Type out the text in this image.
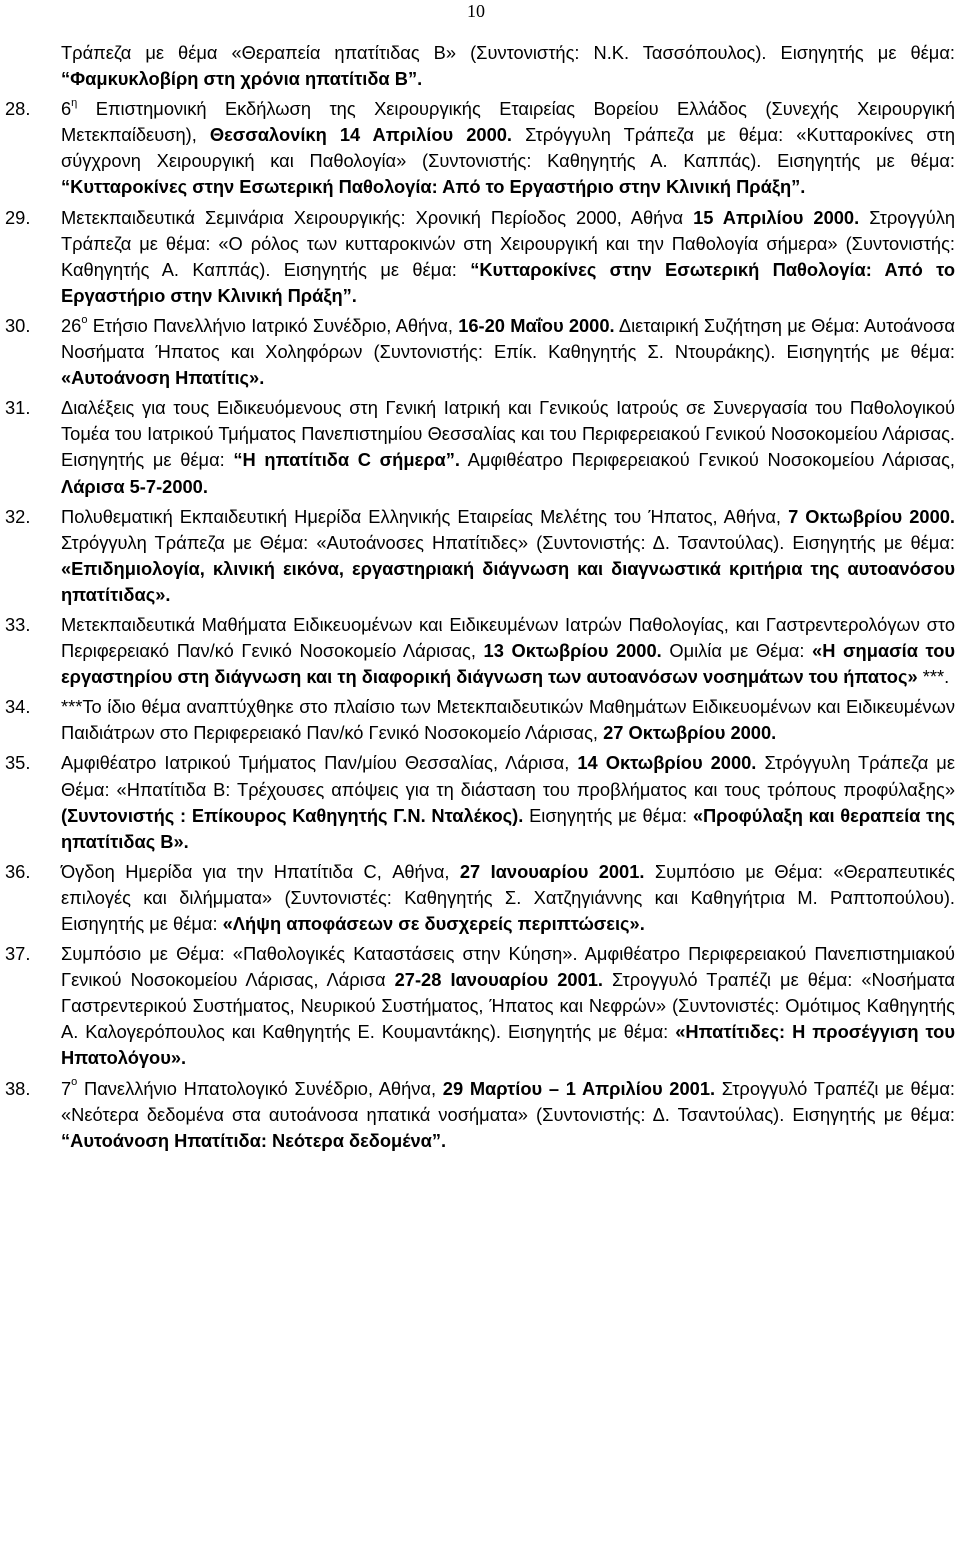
10

Τράπεζα με θέμα «Θεραπεία ηπατίτιδας Β» (Συντονιστής: Ν.Κ. Τασσόπουλος). Εισηγητής με θέμα: “Φαμκυκλοβίρη στη χρόνια ηπατίτιδα Β”.

28. $6^\eta$ Επιστημονική Εκδήλωση της Χειρουργικής Εταιρείας Βορείου Ελλάδος (Συνεχής Χειρουργική Μετεκπαίδευση), Θεσσαλονίκη 14 Απριλίου 2000. Στρόγγυλη Τράπεζα με θέμα: «Κυτταροκίνες στη σύγχρονη Χειρουργική και Παθολογία» (Συντονιστής: Καθηγητής Α. Καππάς). Εισηγητής με θέμα: “Κυτταροκίνες στην Εσωτερική Παθολογία: Από το Εργαστήριο στην Κλινική Πράξη”.

29. Μετεκπαιδευτικά Σεμινάρια Χειρουργικής: Χρονική Περίοδος 2000, Αθήνα 15 Απριλίου 2000. Στρογγύλη Τράπεζα με θέμα: «Ο ρόλος των κυτταροκινών στη Χειρουργική και την Παθολογία σήμερα» (Συντονιστής: Καθηγητής Α. Καππάς). Εισηγητής με θέμα: “Κυτταροκίνες στην Εσωτερική Παθολογία: Από το Εργαστήριο στην Κλινική Πράξη”.

30. $26^o$ Ετήσιο Πανελλήνιο Ιατρικό Συνέδριο, Αθήνα, 16-20 Μαΐου 2000. Διεταιρική Συζήτηση με Θέμα: Αυτοάνοσα Νοσήματα Ήπατος και Χοληφόρων (Συντονιστής: Επίκ. Καθηγητής Σ. Ντουράκης). Εισηγητής με θέμα: «Αυτοάνοση Ηπατίτις».

31. Διαλέξεις για τους Ειδικευόμενους στη Γενική Ιατρική και Γενικούς Ιατρούς σε Συνεργασία του Παθολογικού Τομέα του Ιατρικού Τμήματος Πανεπιστημίου Θεσσαλίας και του Περιφερειακού Γενικού Νοσοκομείου Λάρισας. Εισηγητής με θέμα: “Η ηπατίτιδα C σήμερα”. Αμφιθέατρο Περιφερειακού Γενικού Νοσοκομείου Λάρισας, Λάρισα 5-7-2000.

32. Πολυθεματική Εκπαιδευτική Ημερίδα Ελληνικής Εταιρείας Μελέτης του Ήπατος, Αθήνα, 7 Οκτωβρίου 2000. Στρόγγυλη Τράπεζα με Θέμα: «Αυτοάνοσες Ηπατίτιδες» (Συντονιστής: Δ. Τσαντούλας). Εισηγητής με θέμα: «Επιδημιολογία, κλινική εικόνα, εργαστηριακή διάγνωση και διαγνωστικά κριτήρια της αυτοανόσου ηπατίτιδας».

33. Μετεκπαιδευτικά Μαθήματα Ειδικευομένων και Ειδικευμένων Ιατρών Παθολογίας, και Γαστρεντερολόγων στο Περιφερειακό Παν/κό Γενικό Νοσοκομείο Λάρισας, 13 Οκτωβρίου 2000. Ομιλία με Θέμα: «Η σημασία του εργαστηρίου στη διάγνωση και τη διαφορική διάγνωση των αυτοανόσων νοσημάτων του ήπατος» ***.

34. ***Το ίδιο θέμα αναπτύχθηκε στο πλαίσιο των Μετεκπαιδευτικών Μαθημάτων Ειδικευομένων και Ειδικευμένων Παιδιάτρων στο Περιφερειακό Παν/κό Γενικό Νοσοκομείο Λάρισας, 27 Οκτωβρίου 2000.

35. Αμφιθέατρο Ιατρικού Τμήματος Παν/μίου Θεσσαλίας, Λάρισα, 14 Οκτωβρίου 2000. Στρόγγυλη Τράπεζα με Θέμα: «Ηπατίτιδα Β: Τρέχουσες απόψεις για τη διάσταση του προβλήματος και τους τρόπους προφύλαξης» (Συντονιστής : Επίκουρος Καθηγητής Γ.Ν. Νταλέκος). Εισηγητής με θέμα: «Προφύλαξη και θεραπεία της ηπατίτιδας Β».

36. Όγδοη Ημερίδα για την Ηπατίτιδα C, Αθήνα, 27 Ιανουαρίου 2001. Συμπόσιο με Θέμα: «Θεραπευτικές επιλογές και διλήμματα» (Συντονιστές: Καθηγητής Σ. Χατζηγιάννης και Καθηγήτρια Μ. Ραπτοπούλου). Εισηγητής με θέμα: «Λήψη αποφάσεων σε δυσχερείς περιπτώσεις».

37. Συμπόσιο με Θέμα: «Παθολογικές Καταστάσεις στην Κύηση». Αμφιθέατρο Περιφερειακού Πανεπιστημιακού Γενικού Νοσοκομείου Λάρισας, Λάρισα 27-28 Ιανουαρίου 2001. Στρογγυλό Τραπέζι με θέμα: «Νοσήματα Γαστρεντερικού Συστήματος, Νευρικού Συστήματος, Ήπατος και Νεφρών» (Συντονιστές: Ομότιμος Καθηγητής Α. Καλογερόπουλος και Καθηγητής Ε. Κουμαντάκης). Εισηγητής με θέμα: «Ηπατίτιδες: Η προσέγγιση του Ηπατολόγου».

38. $7^o$ Πανελλήνιο Ηπατολογικό Συνέδριο, Αθήνα, 29 Μαρτίου – 1 Απριλίου 2001. Στρογγυλό Τραπέζι με θέμα: «Νεότερα δεδομένα στα αυτοάνοσα ηπατικά νοσήματα» (Συντονιστής: Δ. Τσαντούλας). Εισηγητής με θέμα: “Αυτοάνοση Ηπατίτιδα: Νεότερα δεδομένα”.
